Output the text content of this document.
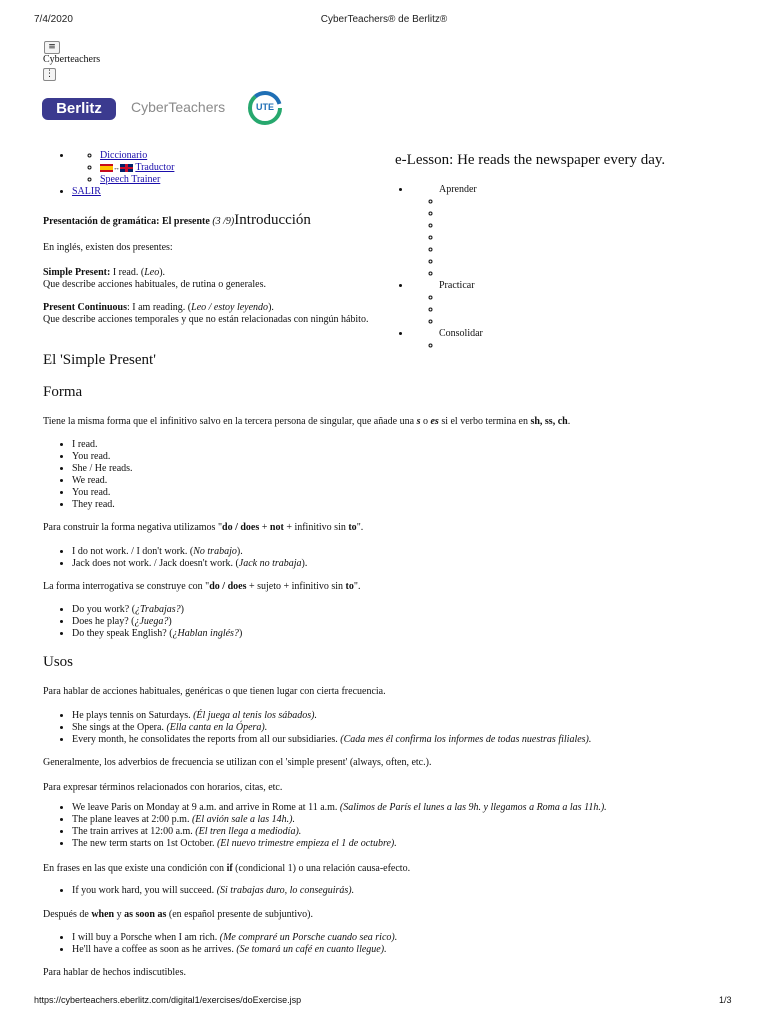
7/4/2020	CyberTeachers® de Berlitz®
≡
Cyberteachers
⋮
Berlitz	CyberTeachers	UTE
◦ • Diccionario
◦ ↔ Traductor
◦ Speech Trainer
• SALIR
e-Lesson: He reads the newspaper every day.
• Aprender
◦
◦
◦
◦
◦
◦
◦
• Practicar
◦
◦
◦
• Consolidar
◦
Presentación de gramática: El presente (3 /9)Introducción

En inglés, existen dos presentes:

Simple Present: I read. (Leo).
Que describe acciones habituales, de rutina o generales.
Present Continuous: I am reading. (Leo / estoy leyendo).
Que describe acciones temporales y que no están relacionadas con ningún hábito.
El 'Simple Present'
Forma

Tiene la misma forma que el infinitivo salvo en la tercera persona de singular, que añade una s o es si el verbo termina en sh, ss, ch.

• I read.
• You read.
• She / He reads.
• We read.
• You read.
• They read.

Para construir la forma negativa utilizamos "do / does + not + infinitivo sin to".

• I do not work. / I don't work. (No trabajo).
• Jack does not work. / Jack doesn't work. (Jack no trabaja).

La forma interrogativa se construye con "do / does + sujeto + infinitivo sin to".

• Do you work? (¿Trabajas?)
• Does he play? (¿Juega?)
• Do they speak English? (¿Hablan inglés?)
Usos

Para hablar de acciones habituales, genéricas o que tienen lugar con cierta frecuencia.

• He plays tennis on Saturdays. (Él juega al tenis los sábados).
• She sings at the Opera. (Ella canta en la Ópera).
• Every month, he consolidates the reports from all our subsidiaries. (Cada mes él confirma los informes de todas nuestras filiales).

Generalmente, los adverbios de frecuencia se utilizan con el 'simple present' (always, often, etc.).

Para expresar términos relacionados con horarios, citas, etc.

• We leave Paris on Monday at 9 a.m. and arrive in Rome at 11 a.m. (Salimos de París el lunes a las 9h. y llegamos a Roma a las 11h.).
• The plane leaves at 2:00 p.m. (El avión sale a las 14h.).
• The train arrives at 12:00 a.m. (El tren llega a mediodía).
• The new term starts on 1st October. (El nuevo trimestre empieza el 1 de octubre).

En frases en las que existe una condición con if (condicional 1) o una relación causa-efecto.

• If you work hard, you will succeed. (Si trabajas duro, lo conseguirás).

Después de when y as soon as (en español presente de subjuntivo).

• I will buy a Porsche when I am rich. (Me compraré un Porsche cuando sea rico).
• He'll have a coffee as soon as he arrives. (Se tomará un café en cuanto llegue).

Para hablar de hechos indiscutibles.

https://cyberteachers.eberlitz.com/digital1/exercises/doExercise.jsp	1/3
